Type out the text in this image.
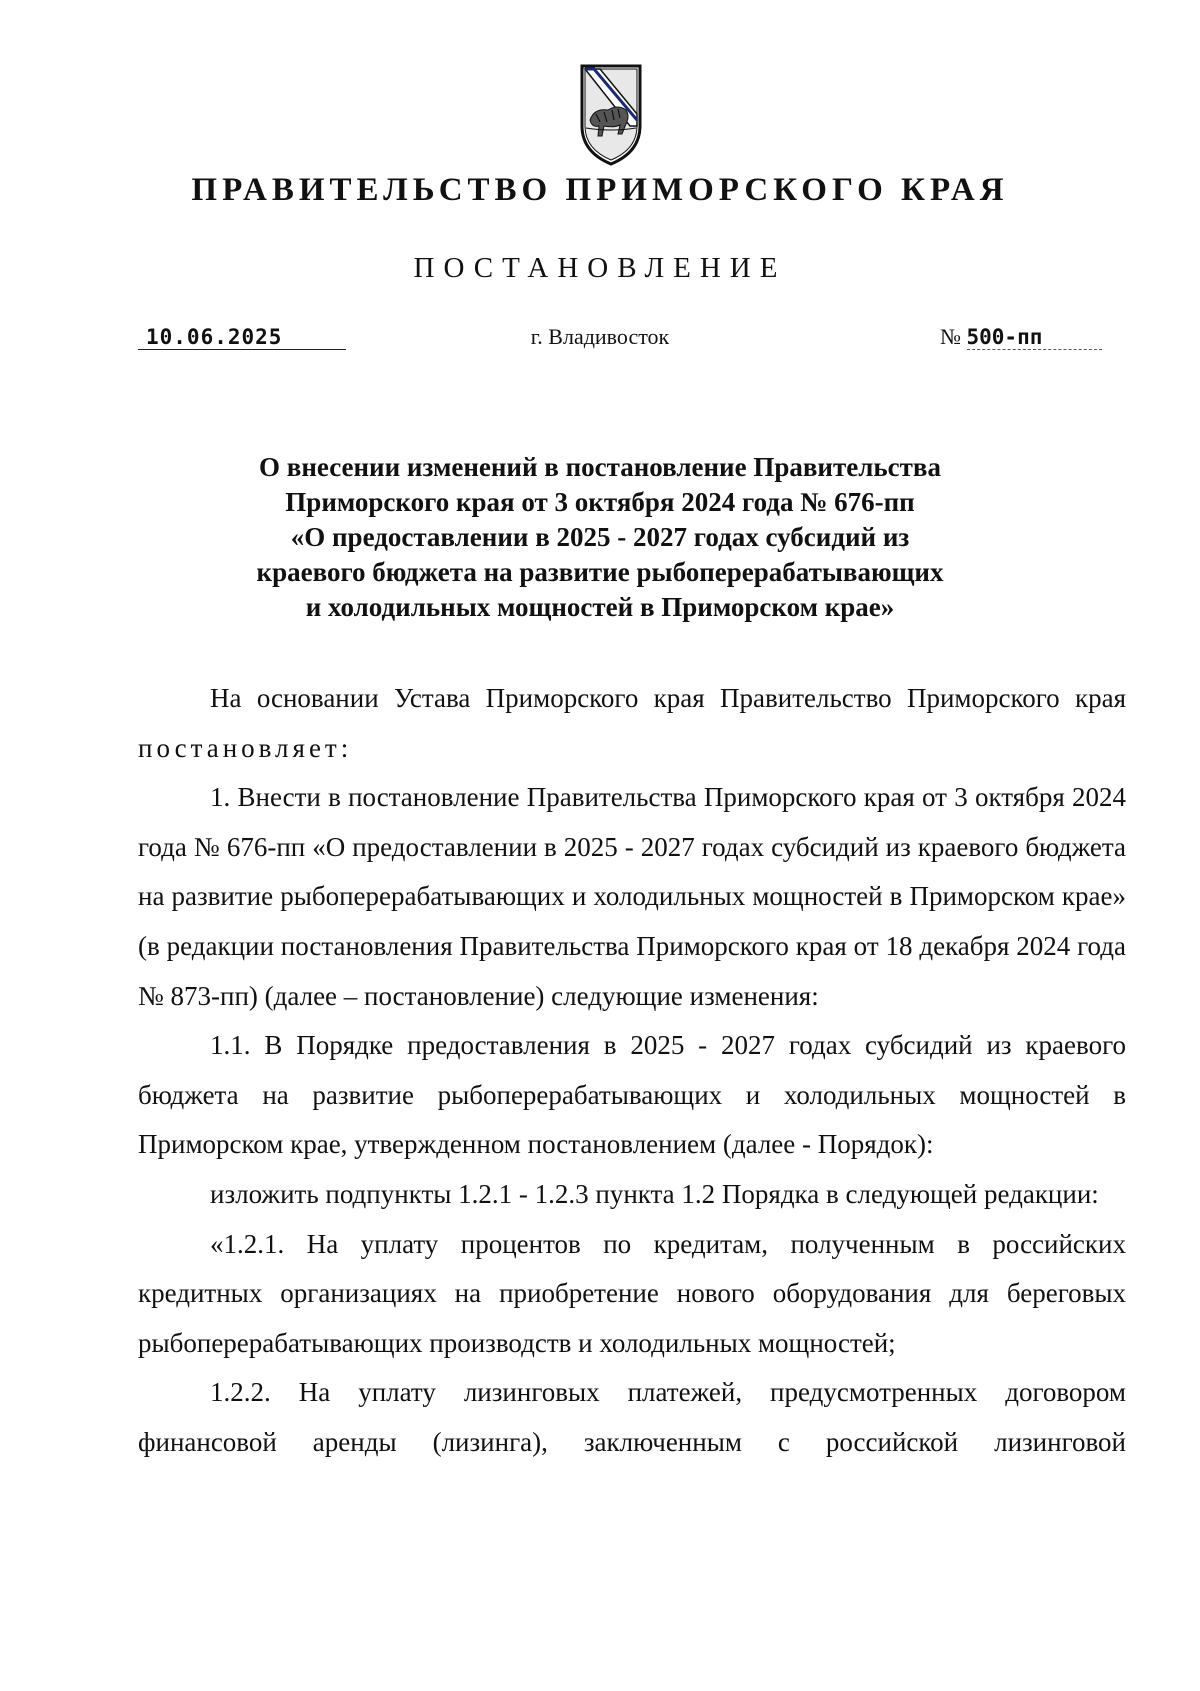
ПРАВИТЕЛЬСТВО ПРИМОРСКОГО КРАЯ
ПОСТАНОВЛЕНИЕ
10.06.2025	г. Владивосток	№ 500-пп
О внесении изменений в постановление Правительства
Приморского края от 3 октября 2024 года № 676-пп
«О предоставлении в 2025 - 2027 годах субсидий из
краевого бюджета на развитие рыбоперерабатывающих
и холодильных мощностей в Приморском крае»

На основании Устава Приморского края Правительство Приморского края постановляет:

1. Внести в постановление Правительства Приморского края от 3 октября 2024 года № 676-пп «О предоставлении в 2025 - 2027 годах субсидий из краевого бюджета на развитие рыбоперерабатывающих и холодильных мощностей в Приморском крае» (в редакции постановления Правительства Приморского края от 18 декабря 2024 года № 873-пп) (далее – постановление) следующие изменения:

1.1. В Порядке предоставления в 2025 - 2027 годах субсидий из краевого бюджета на развитие рыбоперерабатывающих и холодильных мощностей в Приморском крае, утвержденном постановлением (далее - Порядок):

изложить подпункты 1.2.1 - 1.2.3 пункта 1.2 Порядка в следующей редакции:

«1.2.1. На уплату процентов по кредитам, полученным в российских кредитных организациях на приобретение нового оборудования для береговых рыбоперерабатывающих производств и холодильных мощностей;

1.2.2. На уплату лизинговых платежей, предусмотренных договором финансовой аренды (лизинга), заключенным с российской лизинговой
